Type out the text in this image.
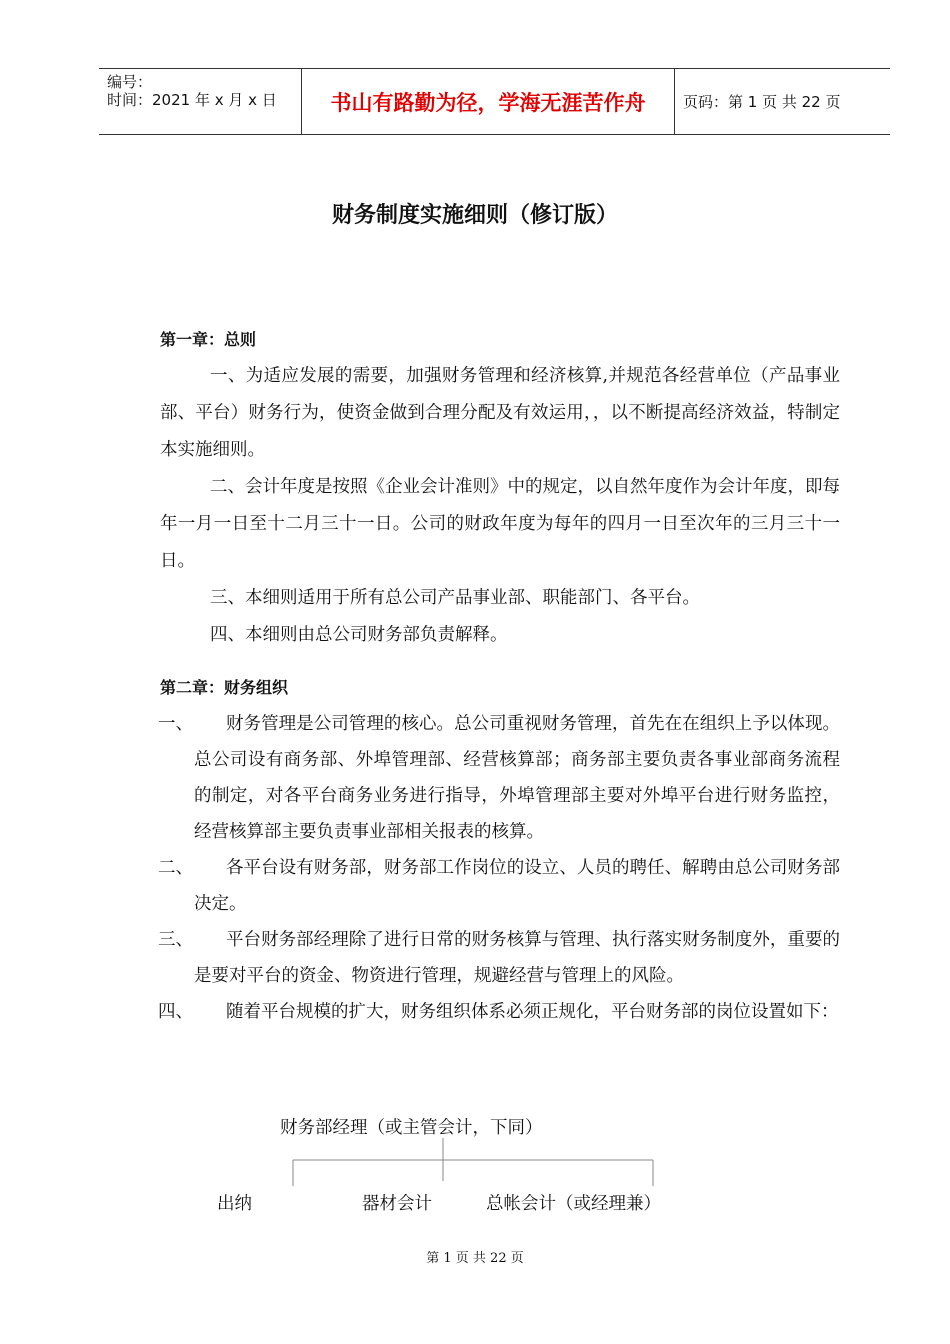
编号：
时间：2021 年 x 月 x 日	书山有路勤为径，学海无涯苦作舟	页码：第 1 页 共 22 页
财务制度实施细则（修订版）

第一章：总则

一、为适应发展的需要，加强财务管理和经济核算,并规范各经营单位（产品事业部、平台）财务行为，使资金做到合理分配及有效运用，，以不断提高经济效益，特制定本实施细则。

二、会计年度是按照《企业会计准则》中的规定，以自然年度作为会计年度，即每年一月一日至十二月三十一日。公司的财政年度为每年的四月一日至次年的三月三十一日。

三、本细则适用于所有总公司产品事业部、职能部门、各平台。

四、本细则由总公司财务部负责解释。

第二章：财务组织

一、	财务管理是公司管理的核心。总公司重视财务管理，首先在在组织上予以体现。总公司设有商务部、外埠管理部、经营核算部；商务部主要负责各事业部商务流程的制定，对各平台商务业务进行指导，外埠管理部主要对外埠平台进行财务监控，经营核算部主要负责事业部相关报表的核算。
二、	各平台设有财务部，财务部工作岗位的设立、人员的聘任、解聘由总公司财务部决定。
三、	平台财务部经理除了进行日常的财务核算与管理、执行落实财务制度外，重要的是要对平台的资金、物资进行管理，规避经营与管理上的风险。
四、	随着平台规模的扩大，财务组织体系必须正规化，平台财务部的岗位设置如下：
财务部经理（或主管会计，下同）
出纳	器材会计	总帐会计（或经理兼）
第 1 页 共 22 页
